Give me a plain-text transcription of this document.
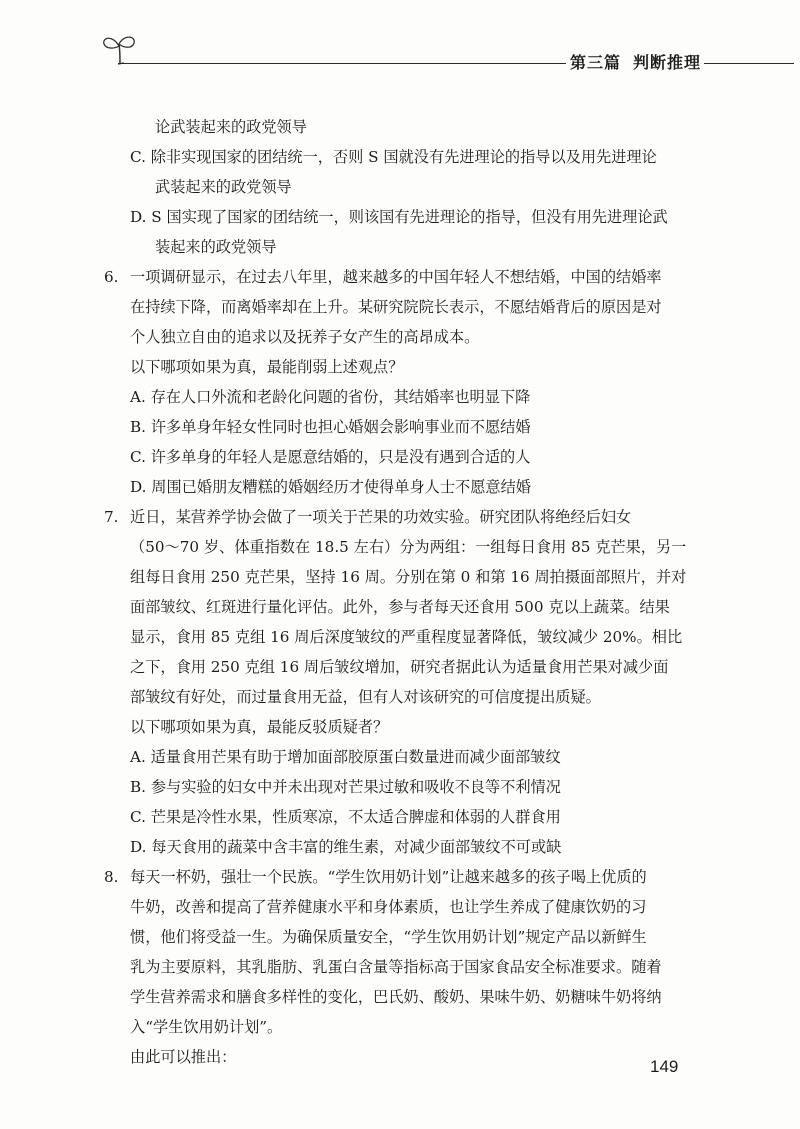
第三篇 判断推理
论武装起来的政党领导
C. 除非实现国家的团结统一，否则 S 国就没有先进理论的指导以及用先进理论
武装起来的政党领导
D. S 国实现了国家的团结统一，则该国有先进理论的指导，但没有用先进理论武
装起来的政党领导
6. 一项调研显示，在过去八年里，越来越多的中国年轻人不想结婚，中国的结婚率
在持续下降，而离婚率却在上升。某研究院院长表示，不愿结婚背后的原因是对
个人独立自由的追求以及抚养子女产生的高昂成本。
以下哪项如果为真，最能削弱上述观点？
A. 存在人口外流和老龄化问题的省份，其结婚率也明显下降
B. 许多单身年轻女性同时也担心婚姻会影响事业而不愿结婚
C. 许多单身的年轻人是愿意结婚的，只是没有遇到合适的人
D. 周围已婚朋友糟糕的婚姻经历才使得单身人士不愿意结婚
7. 近日，某营养学协会做了一项关于芒果的功效实验。研究团队将绝经后妇女
（50～70 岁、体重指数在 18.5 左右）分为两组：一组每日食用 85 克芒果，另一
组每日食用 250 克芒果，坚持 16 周。分别在第 0 和第 16 周拍摄面部照片，并对
面部皱纹、红斑进行量化评估。此外，参与者每天还食用 500 克以上蔬菜。结果
显示，食用 85 克组 16 周后深度皱纹的严重程度显著降低，皱纹减少 20%。相比
之下，食用 250 克组 16 周后皱纹增加，研究者据此认为适量食用芒果对减少面
部皱纹有好处，而过量食用无益，但有人对该研究的可信度提出质疑。
以下哪项如果为真，最能反驳质疑者？
A. 适量食用芒果有助于增加面部胶原蛋白数量进而减少面部皱纹
B. 参与实验的妇女中并未出现对芒果过敏和吸收不良等不利情况
C. 芒果是冷性水果，性质寒凉，不太适合脾虚和体弱的人群食用
D. 每天食用的蔬菜中含丰富的维生素，对减少面部皱纹不可或缺
8. 每天一杯奶，强壮一个民族。“学生饮用奶计划”让越来越多的孩子喝上优质的
牛奶，改善和提高了营养健康水平和身体素质，也让学生养成了健康饮奶的习
惯，他们将受益一生。为确保质量安全，“学生饮用奶计划”规定产品以新鲜生
乳为主要原料，其乳脂肪、乳蛋白含量等指标高于国家食品安全标准要求。随着
学生营养需求和膳食多样性的变化，巴氏奶、酸奶、果味牛奶、奶糖味牛奶将纳
入“学生饮用奶计划”。
由此可以推出：	149
